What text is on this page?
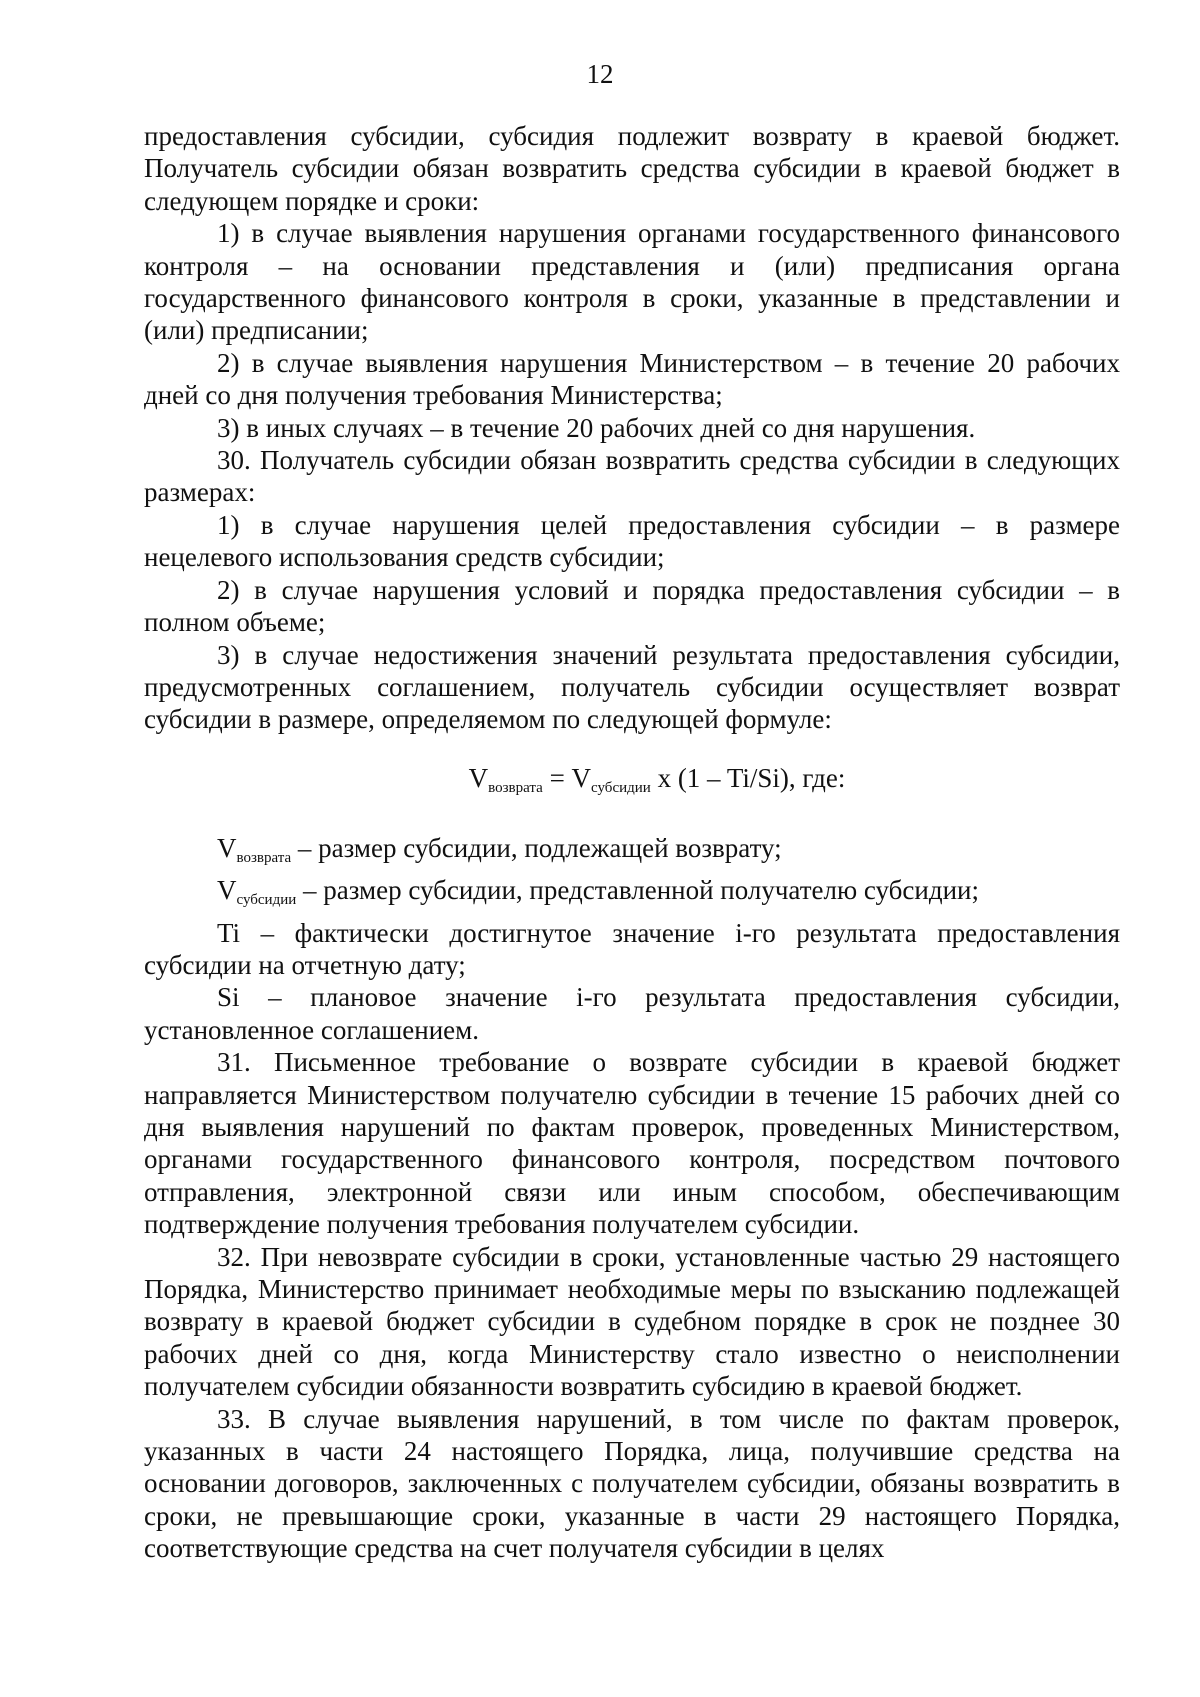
12

предоставления субсидии, субсидия подлежит возврату в краевой бюджет. Получатель субсидии обязан возвратить средства субсидии в краевой бюджет в следующем порядке и сроки:

1) в случае выявления нарушения органами государственного финансового контроля – на основании представления и (или) предписания органа государственного финансового контроля в сроки, указанные в представлении и (или) предписании;

2) в случае выявления нарушения Министерством – в течение 20 рабочих дней со дня получения требования Министерства;

3) в иных случаях – в течение 20 рабочих дней со дня нарушения.

30. Получатель субсидии обязан возвратить средства субсидии в следующих размерах:

1) в случае нарушения целей предоставления субсидии – в размере нецелевого использования средств субсидии;

2) в случае нарушения условий и порядка предоставления субсидии – в полном объеме;

3) в случае недостижения значений результата предоставления субсидии, предусмотренных соглашением, получатель субсидии осуществляет возврат субсидии в размере, определяемом по следующей формуле:

$V_{возврата} = V_{субсидии}$ x (1 – Ti/Si), где:

$V_{возврата}$ – размер субсидии, подлежащей возврату;

$V_{субсидии}$ – размер субсидии, представленной получателю субсидии;

Ti – фактически достигнутое значение i-го результата предоставления субсидии на отчетную дату;

Si – плановое значение i-го результата предоставления субсидии, установленное соглашением.

31. Письменное требование о возврате субсидии в краевой бюджет направляется Министерством получателю субсидии в течение 15 рабочих дней со дня выявления нарушений по фактам проверок, проведенных Министерством, органами государственного финансового контроля, посредством почтового отправления, электронной связи или иным способом, обеспечивающим подтверждение получения требования получателем субсидии.

32. При невозврате субсидии в сроки, установленные частью 29 настоящего Порядка, Министерство принимает необходимые меры по взысканию подлежащей возврату в краевой бюджет субсидии в судебном порядке в срок не позднее 30 рабочих дней со дня, когда Министерству стало известно о неисполнении получателем субсидии обязанности возвратить субсидию в краевой бюджет.

33. В случае выявления нарушений, в том числе по фактам проверок, указанных в части 24 настоящего Порядка, лица, получившие средства на основании договоров, заключенных с получателем субсидии, обязаны возвратить в сроки, не превышающие сроки, указанные в части 29 настоящего Порядка, соответствующие средства на счет получателя субсидии в целях
